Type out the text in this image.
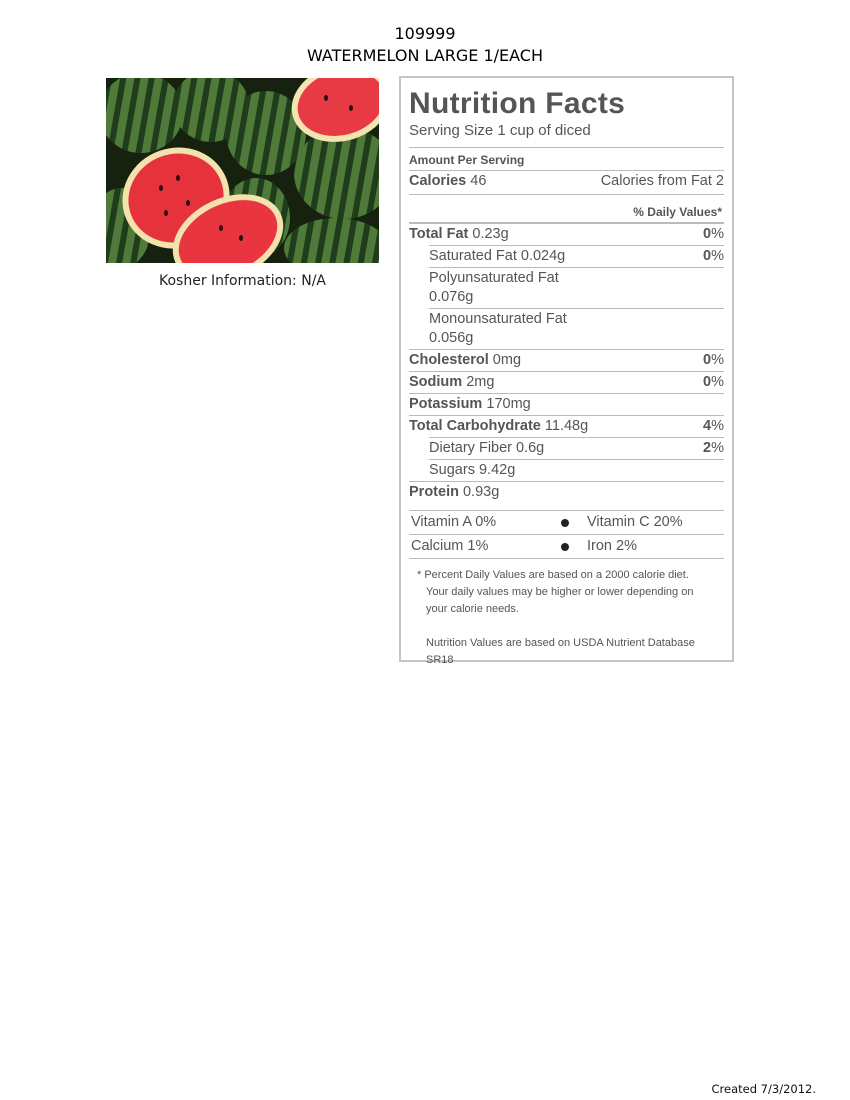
109999
WATERMELON LARGE 1/EACH
Kosher Information: N/A
Nutrition Facts
Serving Size 1 cup of diced
Amount Per Serving
Calories 46	Calories from Fat 2
% Daily Values*
Total Fat 0.23g	0%
Saturated Fat 0.024g	0%
Polyunsaturated Fat 0.076g
Monounsaturated Fat 0.056g
Cholesterol 0mg	0%
Sodium 2mg	0%
Potassium 170mg
Total Carbohydrate 11.48g	4%
Dietary Fiber 0.6g	2%
Sugars 9.42g
Protein 0.93g
Vitamin A 0%	Vitamin C 20%
Calcium 1%	Iron 2%

* Percent Daily Values are based on a 2000 calorie diet.

Your daily values may be higher or lower depending on

your calorie needs.

Nutrition Values are based on USDA Nutrient Database

SR18

Created 7/3/2012.
